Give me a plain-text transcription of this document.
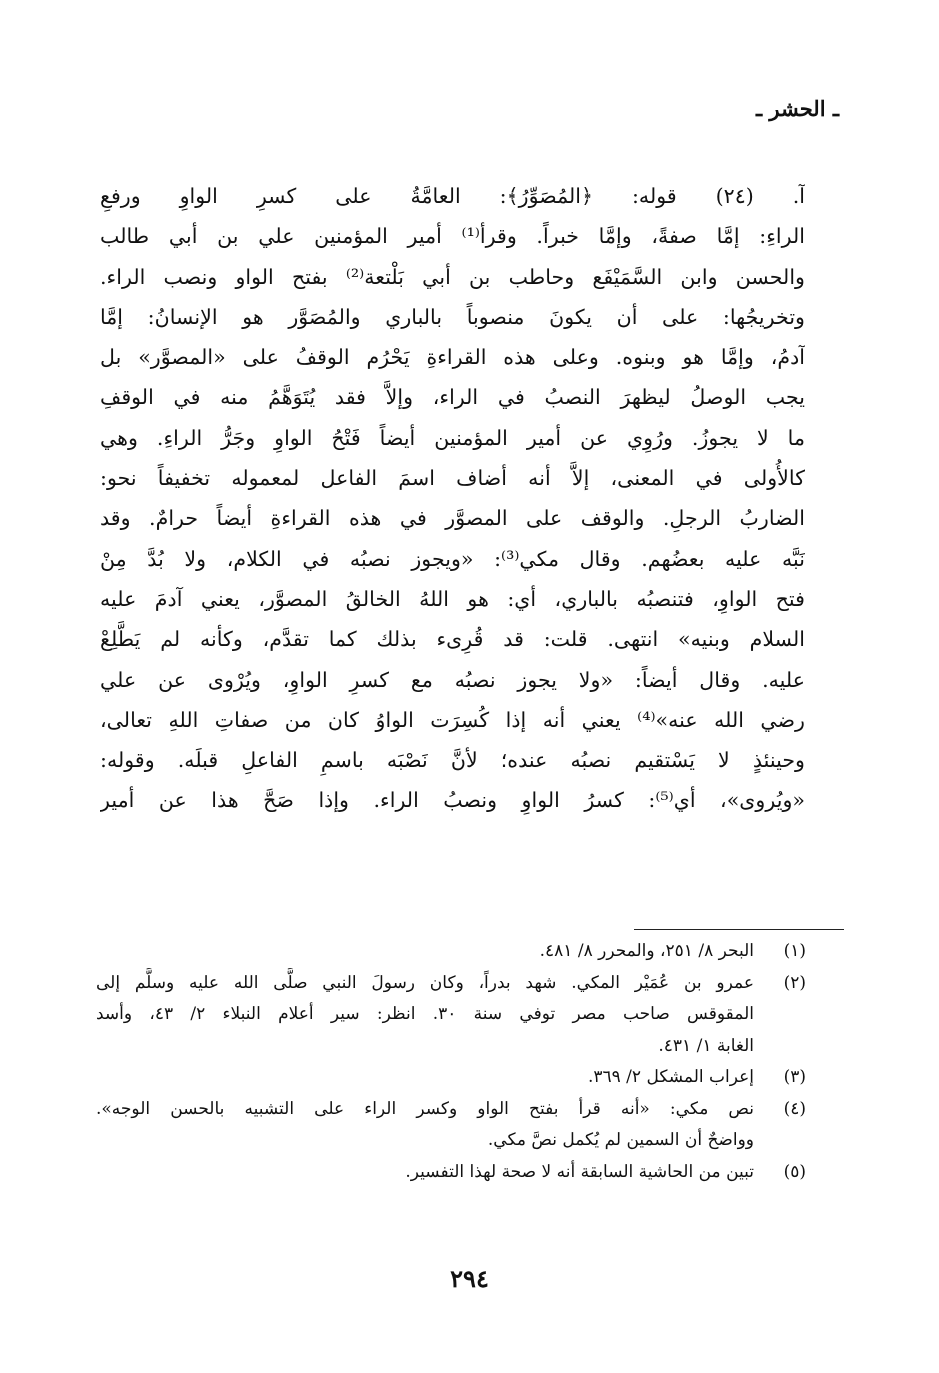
ـ الحشر ـ
آ. (٢٤) قوله: ﴿المُصَوِّرُ﴾: العامَّةُ على كسرِ الواوِ ورفعِ
الراءِ: إمَّا صفةً، وإمَّا خبراً. وقرأ⁽¹⁾ أمير المؤمنين علي بن أبي طالب
والحسن وابن السَّمَيْفَع وحاطب بن أبي بَلْتعة⁽²⁾ بفتح الواو ونصب الراء.
وتخريجُها: على أن يكونَ منصوباً بالباري والمُصَوَّر هو الإنسانُ: إمَّا
آدمُ، وإمَّا هو وبنوه. وعلى هذه القراءةِ يَحْرُم الوقفُ على «المصوَّر» بل
يجب الوصلُ ليظهرَ النصبُ في الراء، وإلاَّ فقد يُتَوَهَّمُ منه في الوقفِ
ما لا يجوزُ. ورُوِي عن أمير المؤمنين أيضاً فَتْحُ الواوِ وجَرُّ الراءِ. وهي
كالأُولى في المعنى، إلاَّ أنه أضاف اسمَ الفاعل لمعموله تخفيفاً نحو:
الضاربُ الرجلِ. والوقف على المصوَّر في هذه القراءةِ أيضاً حرامٌ. وقد
نَبَّه عليه بعضُهم. وقال مكي⁽³⁾: «ويجوز نصبُه في الكلام، ولا بُدَّ مِنْ
فتح الواوِ، فتنصبُه بالباري، أي: هو اللهُ الخالقُ المصوَّر، يعني آدمَ عليه
السلام وبنيه» انتهى. قلت: قد قُرِىء بذلك كما تقدَّم، وكأنه لم يَطَّلِعْ
عليه. وقال أيضاً: «ولا يجوز نصبُه مع كسرِ الواوِ، ويُرْوى عن علي
رضي الله عنه»⁽⁴⁾ يعني أنه إذا كُسِرَت الواوُ كان من صفاتِ اللهِ تعالى،
وحينئذٍ لا يَسْتقيم نصبُه عنده؛ لأنَّ نَصْبَه باسمِ الفاعلِ قبلَه. وقوله:
«ويُروى»، أي⁽⁵⁾: كسرُ الواوِ ونصبُ الراء. وإذا صَحَّ هذا عن أمير
(١)
البحر ٨/ ٢٥١، والمحرر ٨/ ٤٨١.
(٢)
عمرو بن عُمَيْر المكي. شهد بدراً، وكان رسولَ النبي صلَّى الله عليه وسلَّم إلى
المقوقس صاحب مصر توفي سنة ٣٠. انظر: سير أعلام النبلاء ٢/ ٤٣، وأسد
الغابة ١/ ٤٣١.
(٣)
إعراب المشكل ٢/ ٣٦٩.
(٤)
نص مكي: «أنه قرأ بفتح الواو وكسر الراء على التشبيه بالحسن الوجه».
وواضحٌ أن السمين لم يُكمل نصَّ مكي.
(٥)
تبين من الحاشية السابقة أنه لا صحة لهذا التفسير.
٢٩٤
